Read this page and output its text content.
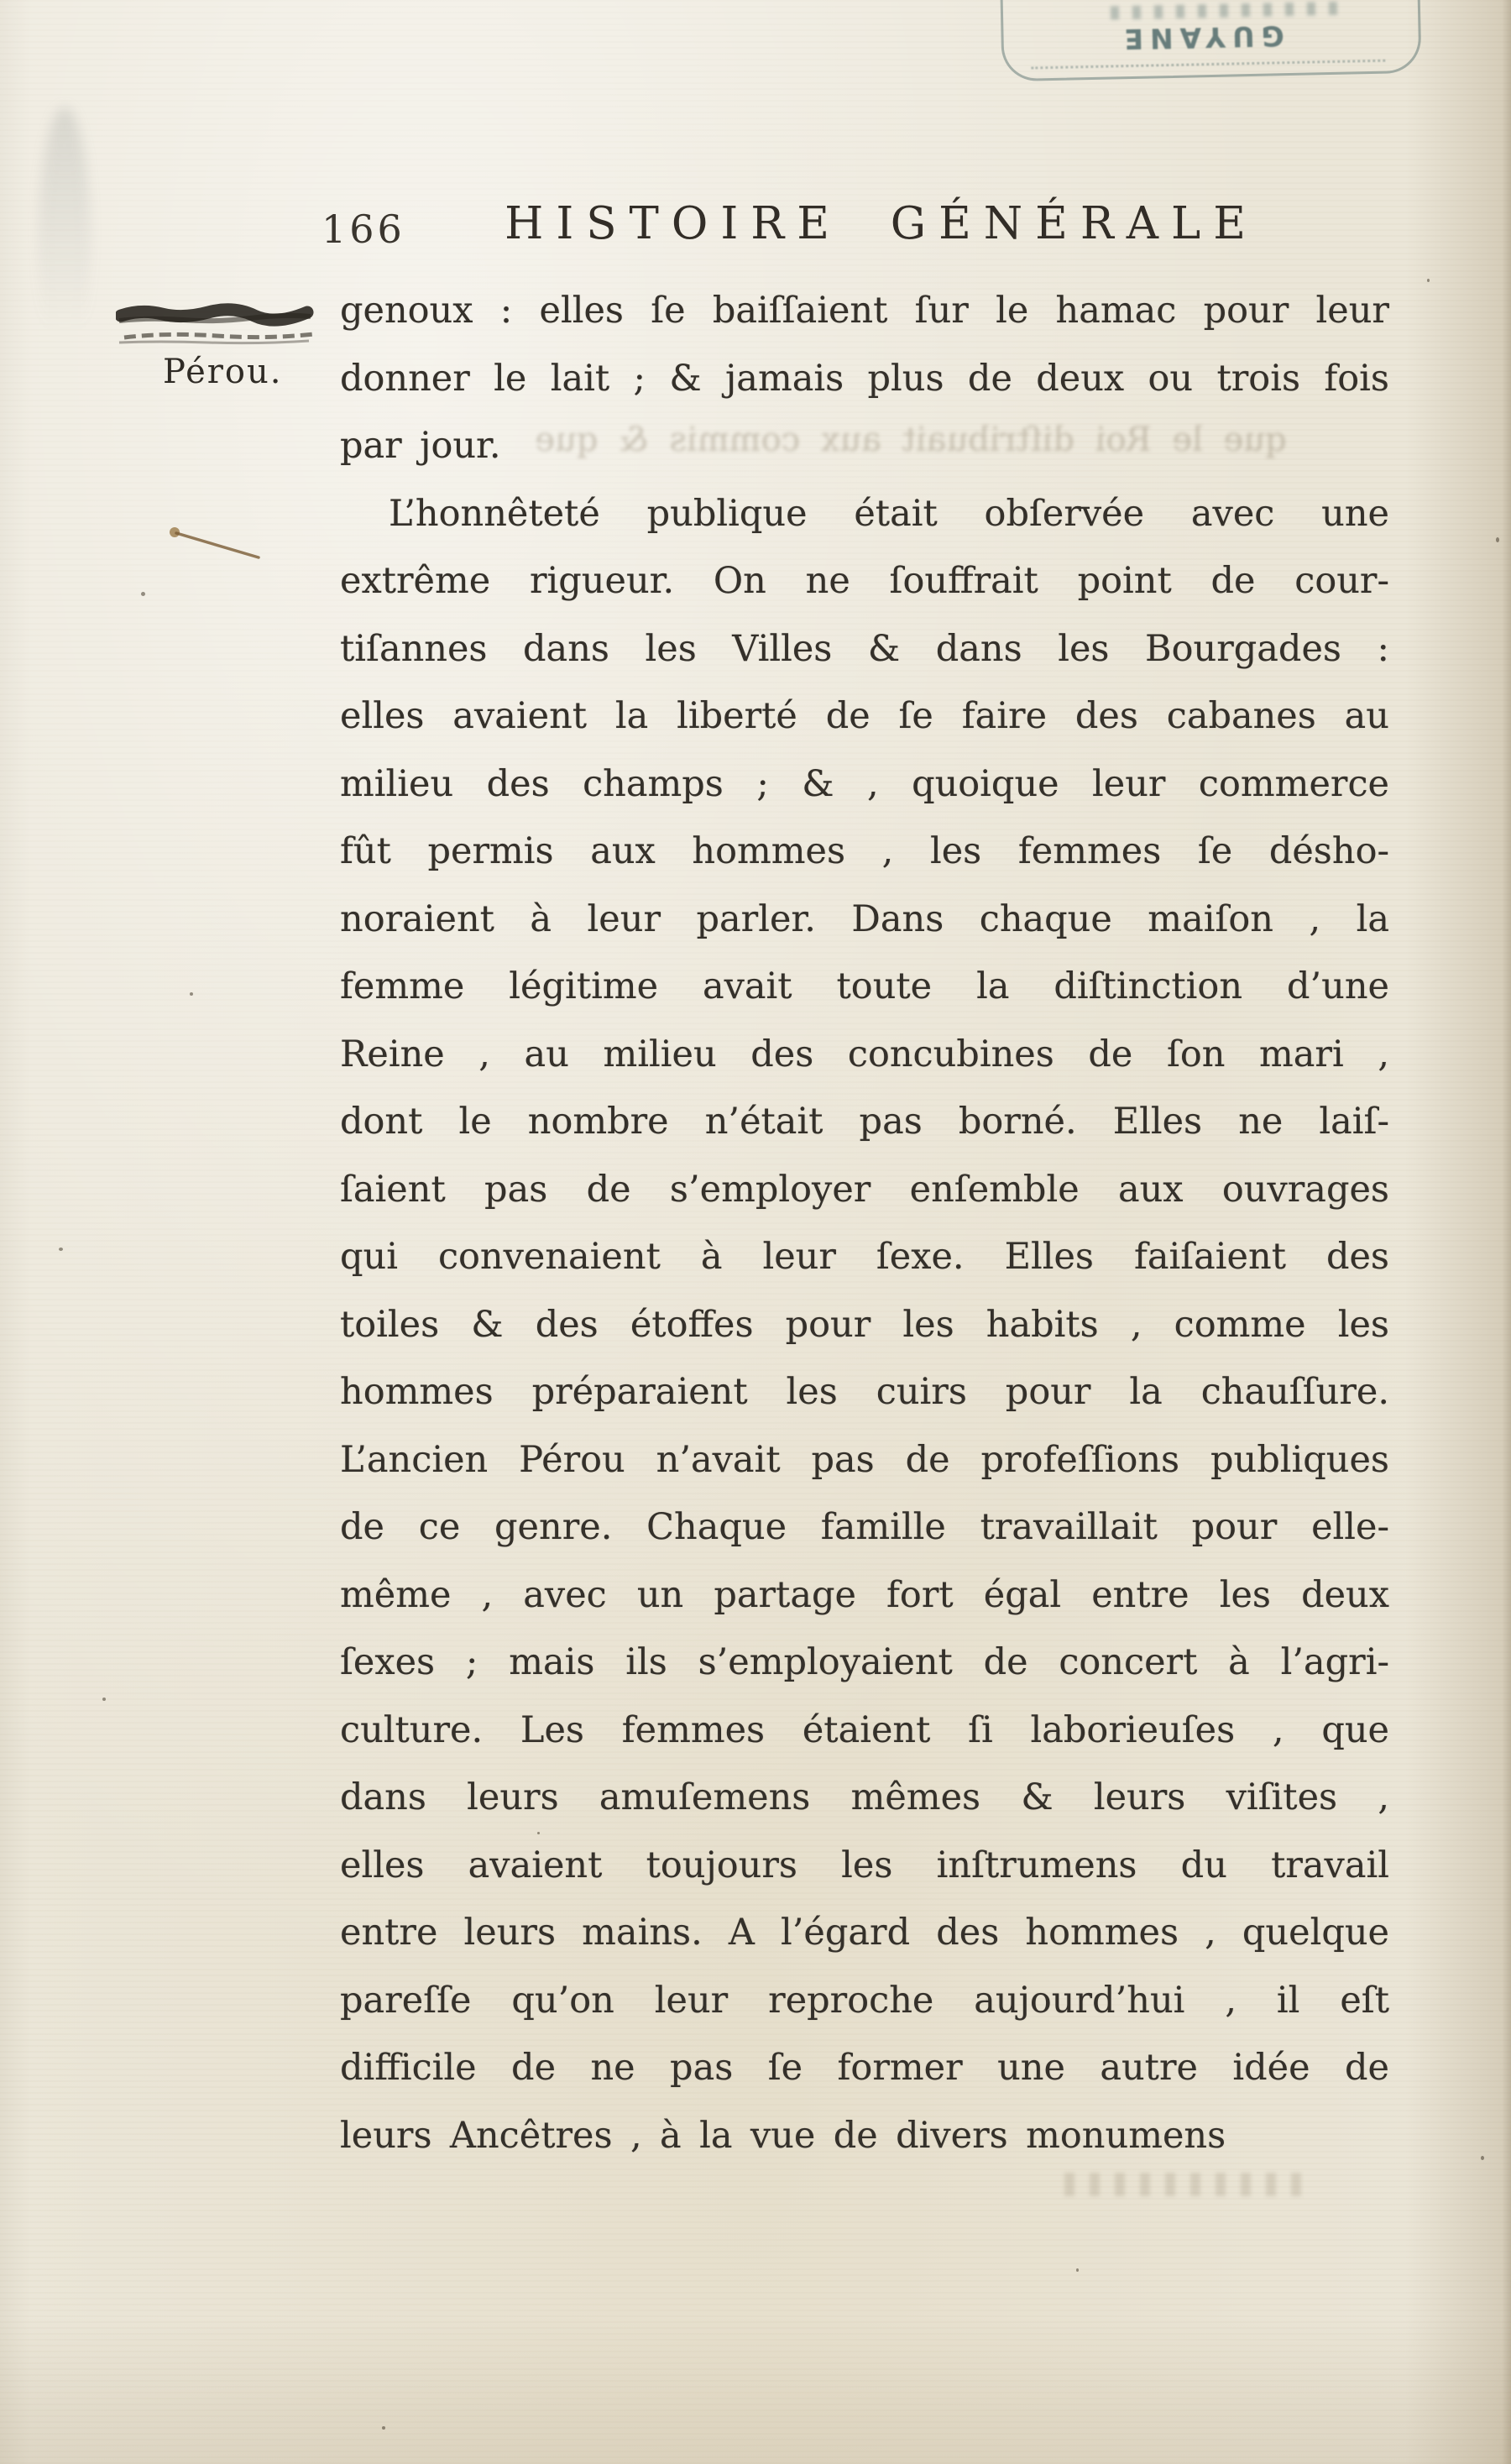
GUYANE
166	HISTOIRE GÉNÉRALE
Pérou.
que le Roi diſtribuait aux commis & que
genoux : elles ſe baiſſaient ſur le hamac pour leur
donner le lait ; & jamais plus de deux ou trois fois
par jour.
L’honnêteté publique était obſervée avec une
extrême rigueur. On ne ſouffrait point de cour-
tiſannes dans les Villes & dans les Bourgades :
elles avaient la liberté de ſe faire des cabanes au
milieu des champs ; & , quoique leur commerce
fût permis aux hommes , les femmes ſe désho-
noraient à leur parler. Dans chaque maiſon , la
femme légitime avait toute la diſtinction d’une
Reine , au milieu des concubines de ſon mari ,
dont le nombre n’était pas borné. Elles ne laiſ-
ſaient pas de s’employer enſemble aux ouvrages
qui convenaient à leur ſexe. Elles faiſaient des
toiles & des étoffes pour les habits , comme les
hommes préparaient les cuirs pour la chauſſure.
L’ancien Pérou n’avait pas de profeſſions publiques
de ce genre. Chaque famille travaillait pour elle-
même , avec un partage fort égal entre les deux
ſexes ; mais ils s’employaient de concert à l’agri-
culture. Les femmes étaient ſi laborieuſes , que
dans leurs amuſemens mêmes & leurs viſites ,
elles avaient toujours les inſtrumens du travail
entre leurs mains. A l’égard des hommes , quelque
pareſſe qu’on leur reproche aujourd’hui , il eſt
difficile de ne pas ſe former une autre idée de
leurs Ancêtres , à la vue de divers monumens
